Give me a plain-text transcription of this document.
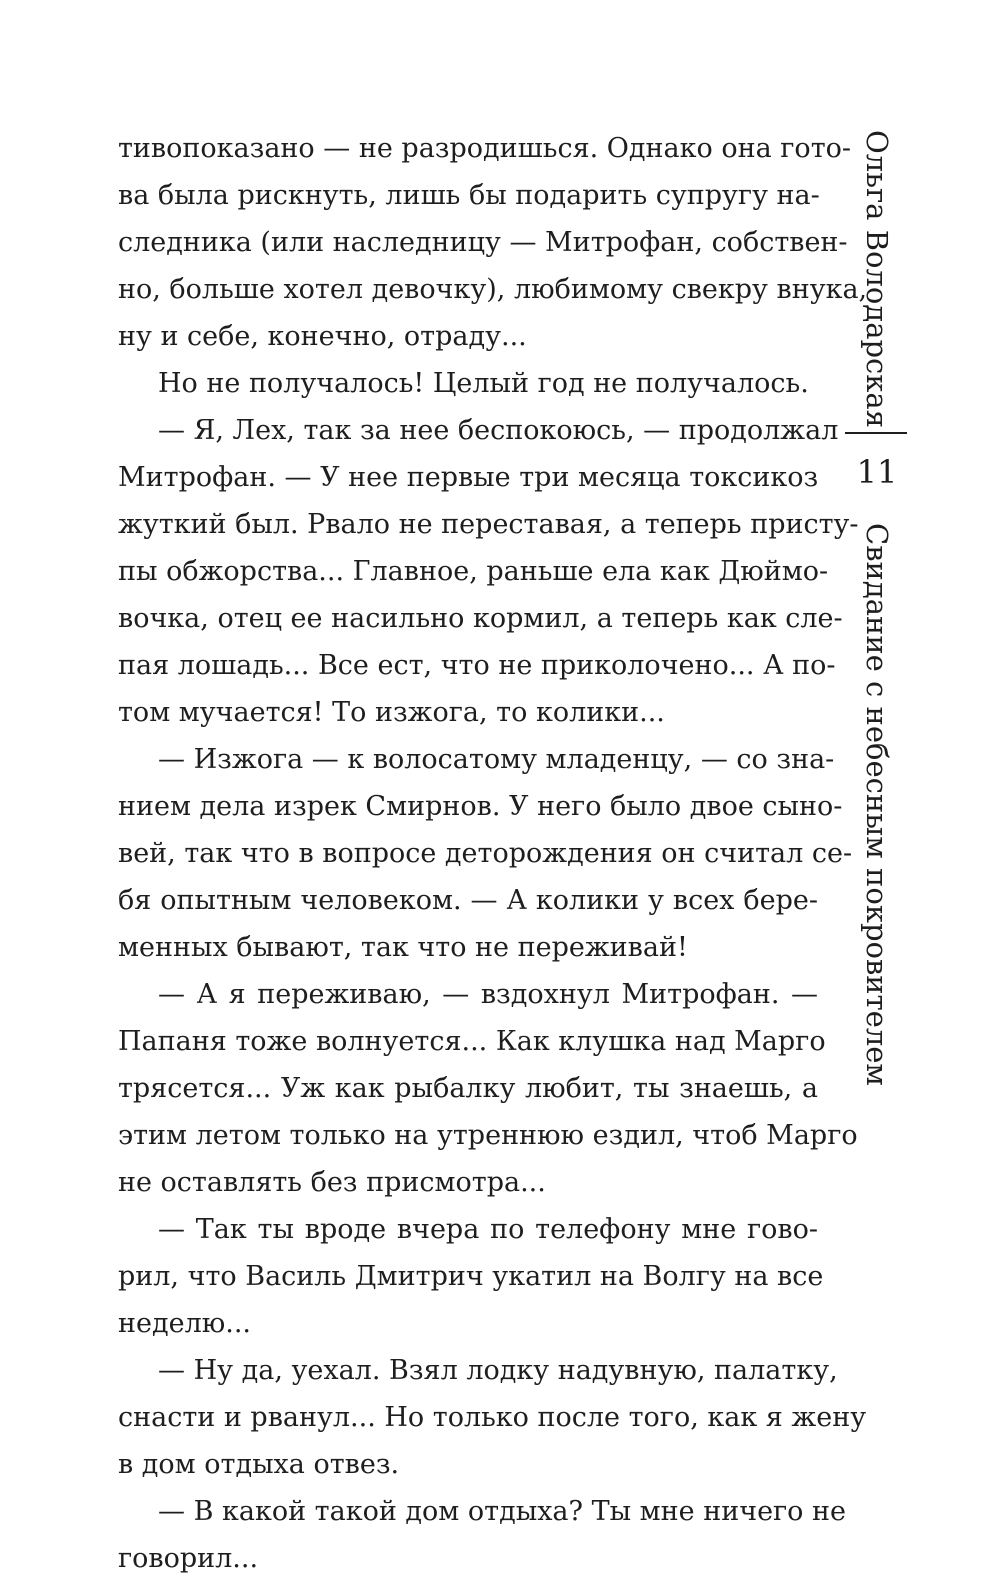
тивопоказано — не разродишься. Однако она гото-
ва была рискнуть, лишь бы подарить супругу на-
следника (или наследницу — Митрофан, собствен-
но, больше хотел девочку), любимому свекру внука,
ну и себе, конечно, отраду...
Но не получалось! Целый год не получалось.
— Я, Лех, так за нее беспокоюсь, — продолжал
Митрофан. — У нее первые три месяца токсикоз
жуткий был. Рвало не переставая, а теперь присту-
пы обжорства... Главное, раньше ела как Дюймо-
вочка, отец ее насильно кормил, а теперь как сле-
пая лошадь... Все ест, что не приколочено... А по-
том мучается! То изжога, то колики...
— Изжога — к волосатому младенцу, — со зна-
нием дела изрек Смирнов. У него было двое сыно-
вей, так что в вопросе деторождения он считал се-
бя опытным человеком. — А колики у всех бере-
менных бывают, так что не переживай!
— А я переживаю, — вздохнул Митрофан. —
Папаня тоже волнуется... Как клушка над Марго
трясется... Уж как рыбалку любит, ты знаешь, а
этим летом только на утреннюю ездил, чтоб Марго
не оставлять без присмотра...
— Так ты вроде вчера по телефону мне гово-
рил, что Василь Дмитрич укатил на Волгу на все
неделю...
— Ну да, уехал. Взял лодку надувную, палатку,
снасти и рванул... Но только после того, как я жену
в дом отдыха отвез.
— В какой такой дом отдыха? Ты мне ничего не
говорил...
Ольга Володарская
11
Свидание с небесным покровителем
